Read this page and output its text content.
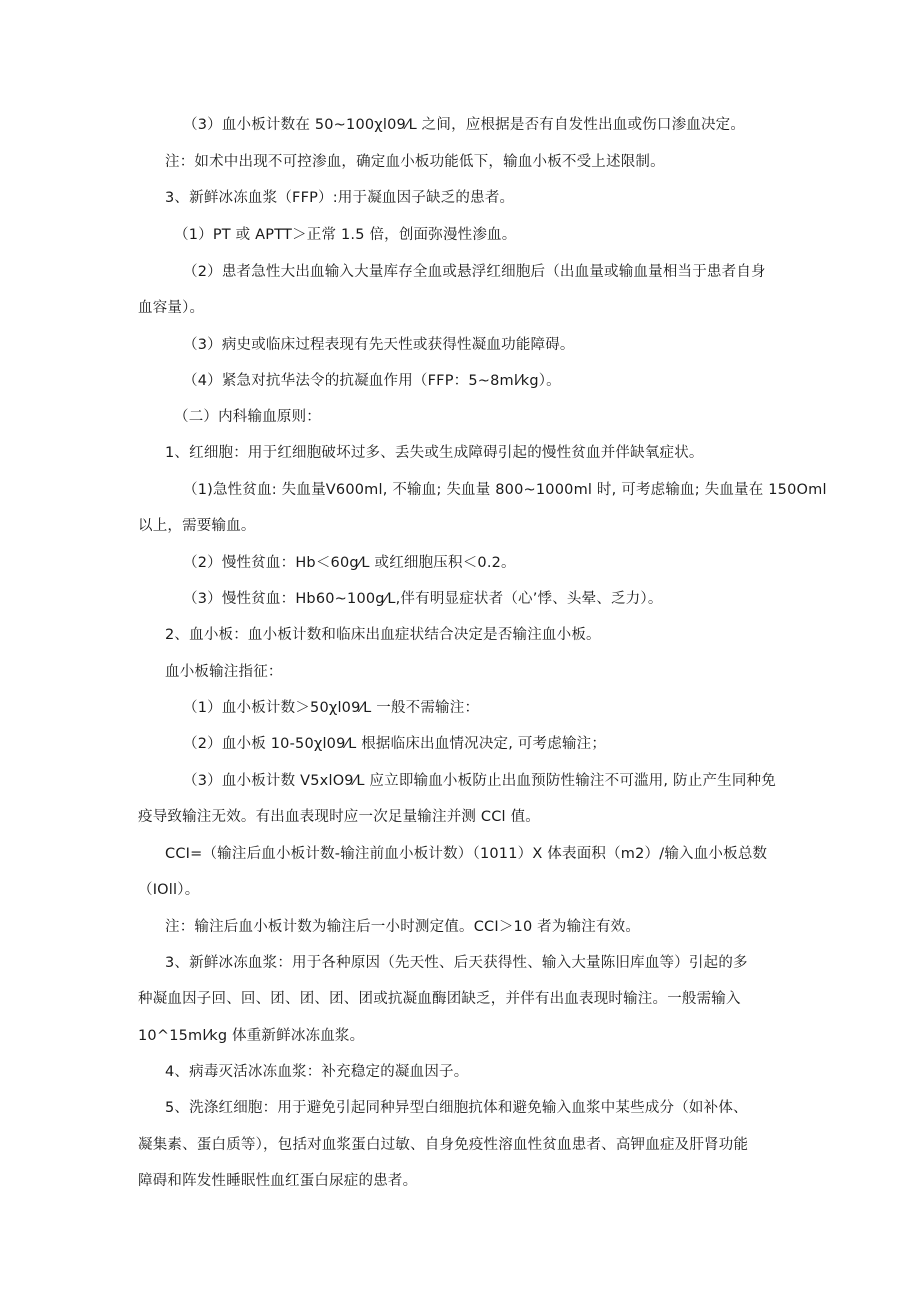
（3）血小板计数在 50~100χl09⁄L 之间，应根据是否有自发性出血或伤口渗血决定。
注：如术中出现不可控渗血，确定血小板功能低下，输血小板不受上述限制。
3、新鲜冰冻血浆（FFP）:用于凝血因子缺乏的患者。
（1）PT 或 APTT＞正常 1.5 倍，创面弥漫性渗血。
（2）患者急性大出血输入大量库存全血或悬浮红细胞后（出血量或输血量相当于患者自身
血容量）。
（3）病史或临床过程表现有先天性或获得性凝血功能障碍。
（4）紧急对抗华法令的抗凝血作用（FFP：5~8ml⁄kg）。
（二）内科输血原则：
1、红细胞：用于红细胞破坏过多、丢失或生成障碍引起的慢性贫血并伴缺氧症状。
（1)急性贫血: 失血量V600ml, 不输血; 失血量 800~1000ml 时, 可考虑输血; 失血量在 150Oml
以上，需要输血。
（2）慢性贫血：Hb＜60g⁄L 或红细胞压积＜0.2。
（3）慢性贫血：Hb60~100g⁄L,伴有明显症状者（心’悸、头晕、乏力）。
2、血小板：血小板计数和临床出血症状结合决定是否输注血小板。
血小板输注指征：
（1）血小板计数＞50χl09⁄L 一般不需输注：
（2）血小板 10-50χl09⁄L 根据临床出血情况决定, 可考虑输注；
（3）血小板计数 V5xlO9⁄L 应立即输血小板防止出血预防性输注不可滥用, 防止产生同种免
疫导致输注无效。有出血表现时应一次足量输注并测 CCl 值。
CCI=（输注后血小板计数-输注前血小板计数）（1011）X 体表面积（m2）/输入血小板总数
（IOll）。
注：输注后血小板计数为输注后一小时测定值。CCI＞10 者为输注有效。
3、新鲜冰冻血浆：用于各种原因（先天性、后天获得性、输入大量陈旧库血等）引起的多
种凝血因子回、回、团、团、团、团或抗凝血酶团缺乏，并伴有出血表现时输注。一般需输入
10^15ml⁄kg 体重新鲜冰冻血浆。
4、病毒灭活冰冻血浆：补充稳定的凝血因子。
5、洗涤红细胞：用于避免引起同种异型白细胞抗体和避免输入血浆中某些成分（如补体、
凝集素、蛋白质等），包括对血浆蛋白过敏、自身免疫性溶血性贫血患者、高钾血症及肝肾功能
障碍和阵发性睡眠性血红蛋白尿症的患者。
